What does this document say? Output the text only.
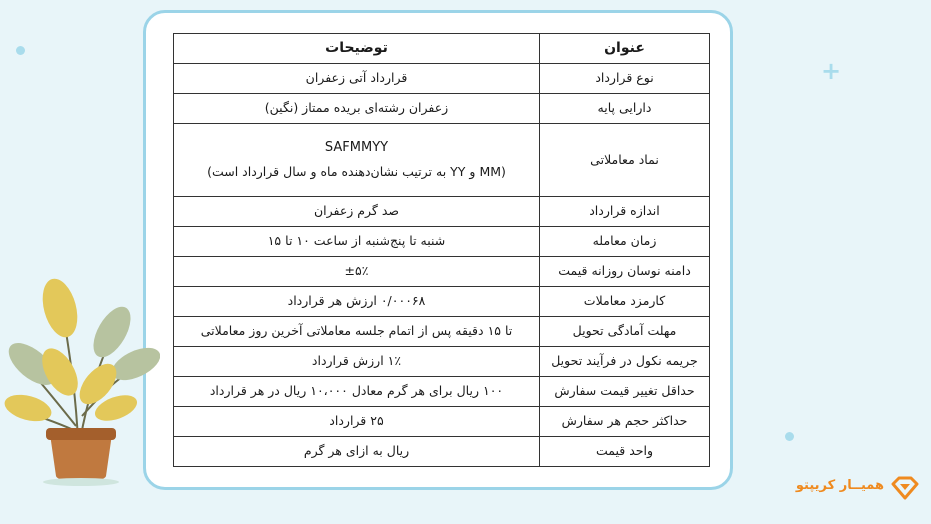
+
عنوان	توضیحات
نوع قرارداد	قرارداد آتی زعفران
دارایی پایه	زعفران رشته‌ای بریده ممتاز (نگین)
نماد معاملاتی	SAFMMYY
(MM و YY به ترتیب نشان‌دهنده ماه و سال قرارداد است)
اندازه قرارداد	صد گرم زعفران
زمان معامله	شنبه تا پنج‌شنبه از ساعت ۱۰ تا ۱۵
دامنه نوسان روزانه قیمت	±۵٪
کارمزد معاملات	۰/۰۰۰۶۸ ارزش هر قرارداد
مهلت آمادگی تحویل	تا ۱۵ دقیقه پس از اتمام جلسه معاملاتی آخرین روز معاملاتی
جریمه نکول در فرآیند تحویل	۱٪ ارزش قرارداد
حداقل تغییر قیمت سفارش	۱۰۰ ریال برای هر گرم معادل ۱۰،۰۰۰ ریال در هر قرارداد
حداکثر حجم هر سفارش	۲۵ قرارداد
واحد قیمت	ریال به ازای هر گرم
همیــار کریپتو
